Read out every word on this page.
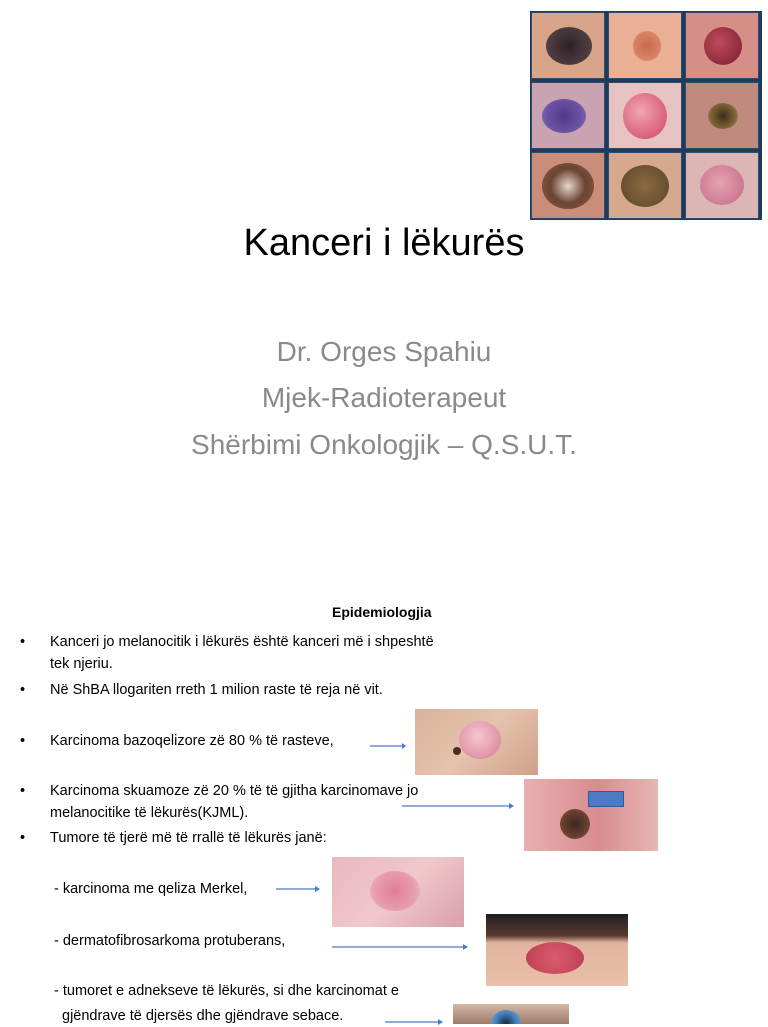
Kanceri i lëkurës
Dr. Orges Spahiu
Mjek-Radioterapeut
Shërbimi Onkologjik – Q.S.U.T.
Epidemiologjia
•	Kanceri jo melanocitik i lëkurës është kanceri më i shpeshtë
tek njeriu.
•	Në ShBA llogariten rreth 1 milion raste të reja në vit.
•	Karcinoma bazoqelizore zë 80 % të rasteve,
•	Karcinoma skuamoze zë 20 % të të gjitha karcinomave jo
melanocitike të lëkurës(KJML).
•	Tumore të tjerë më të rrallë të lëkurës janë:
- karcinoma me qeliza Merkel,
- dermatofibrosarkoma protuberans,
- tumoret e adnekseve të lëkurës, si dhe karcinomat e
gjëndrave të djersës dhe gjëndrave sebace.
